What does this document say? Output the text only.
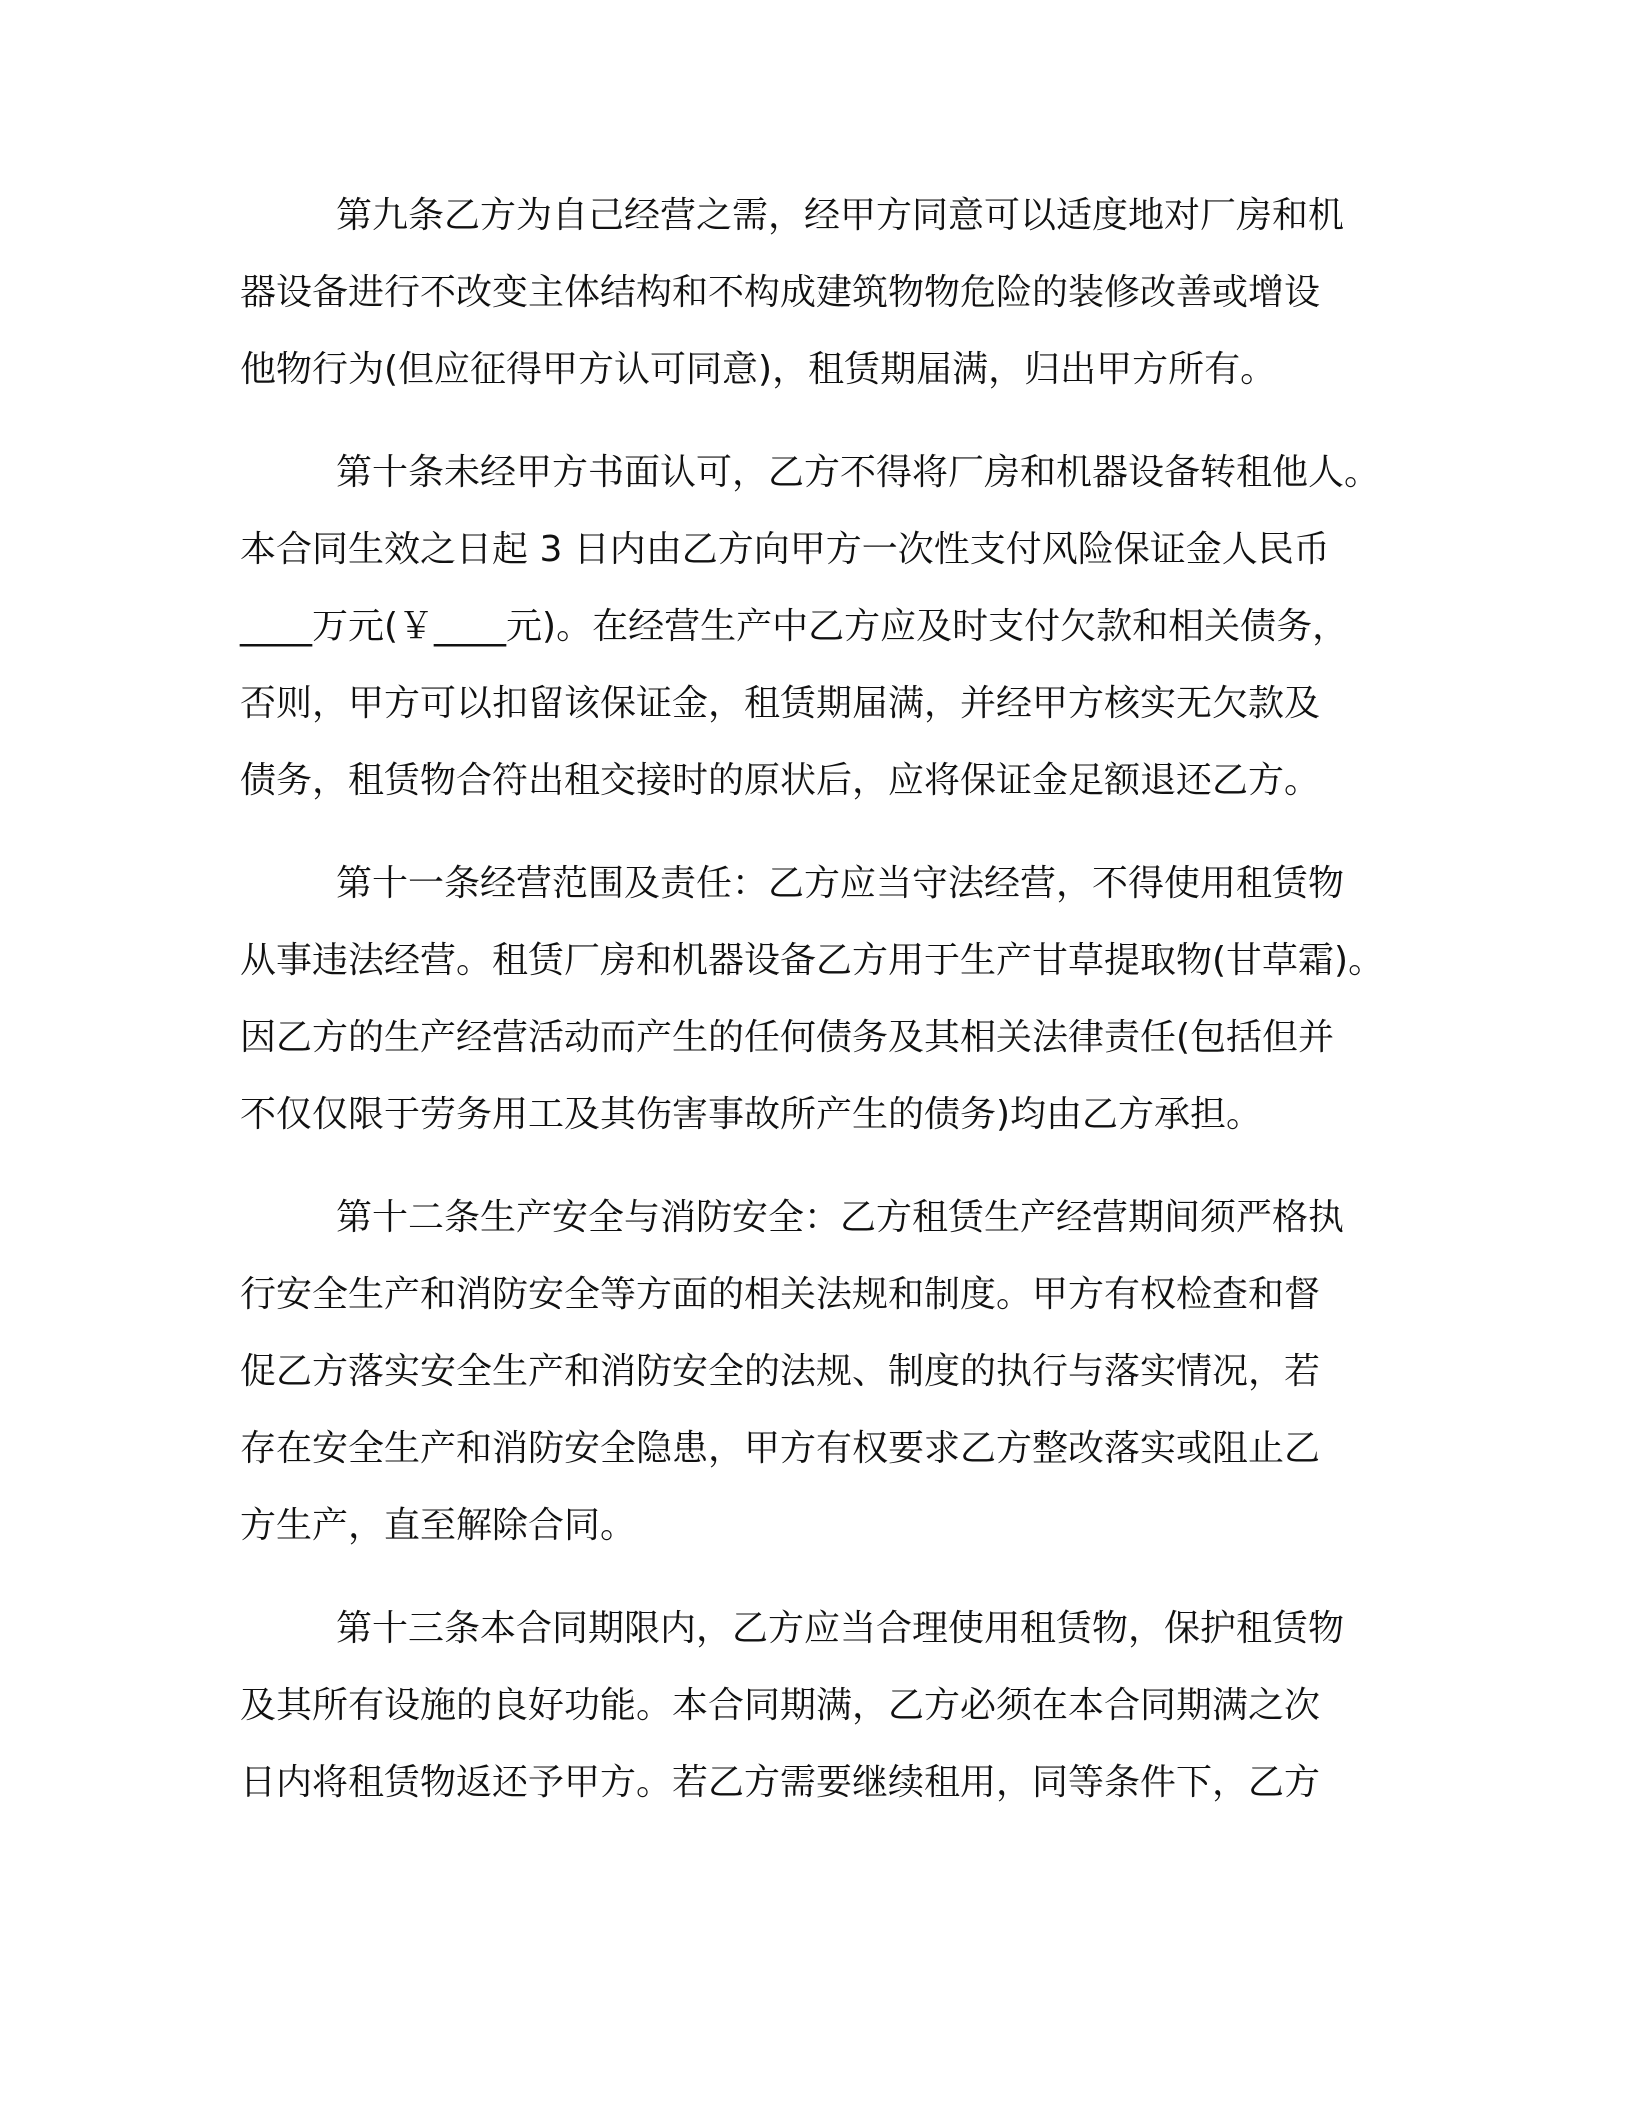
第九条乙方为自己经营之需，经甲方同意可以适度地对厂房和机
器设备进行不改变主体结构和不构成建筑物物危险的装修改善或增设
他物行为(但应征得甲方认可同意)，租赁期届满，归出甲方所有。
第十条未经甲方书面认可，乙方不得将厂房和机器设备转租他人。
本合同生效之日起 3 日内由乙方向甲方一次性支付风险保证金人民币
____万元(￥____元)。在经营生产中乙方应及时支付欠款和相关债务，
否则，甲方可以扣留该保证金，租赁期届满，并经甲方核实无欠款及
债务，租赁物合符出租交接时的原状后，应将保证金足额退还乙方。
第十一条经营范围及责任：乙方应当守法经营，不得使用租赁物
从事违法经营。租赁厂房和机器设备乙方用于生产甘草提取物(甘草霜)。
因乙方的生产经营活动而产生的任何债务及其相关法律责任(包括但并
不仅仅限于劳务用工及其伤害事故所产生的债务)均由乙方承担。
第十二条生产安全与消防安全：乙方租赁生产经营期间须严格执
行安全生产和消防安全等方面的相关法规和制度。甲方有权检查和督
促乙方落实安全生产和消防安全的法规、制度的执行与落实情况，若
存在安全生产和消防安全隐患，甲方有权要求乙方整改落实或阻止乙
方生产，直至解除合同。
第十三条本合同期限内，乙方应当合理使用租赁物，保护租赁物
及其所有设施的良好功能。本合同期满，乙方必须在本合同期满之次
日内将租赁物返还予甲方。若乙方需要继续租用，同等条件下，乙方
